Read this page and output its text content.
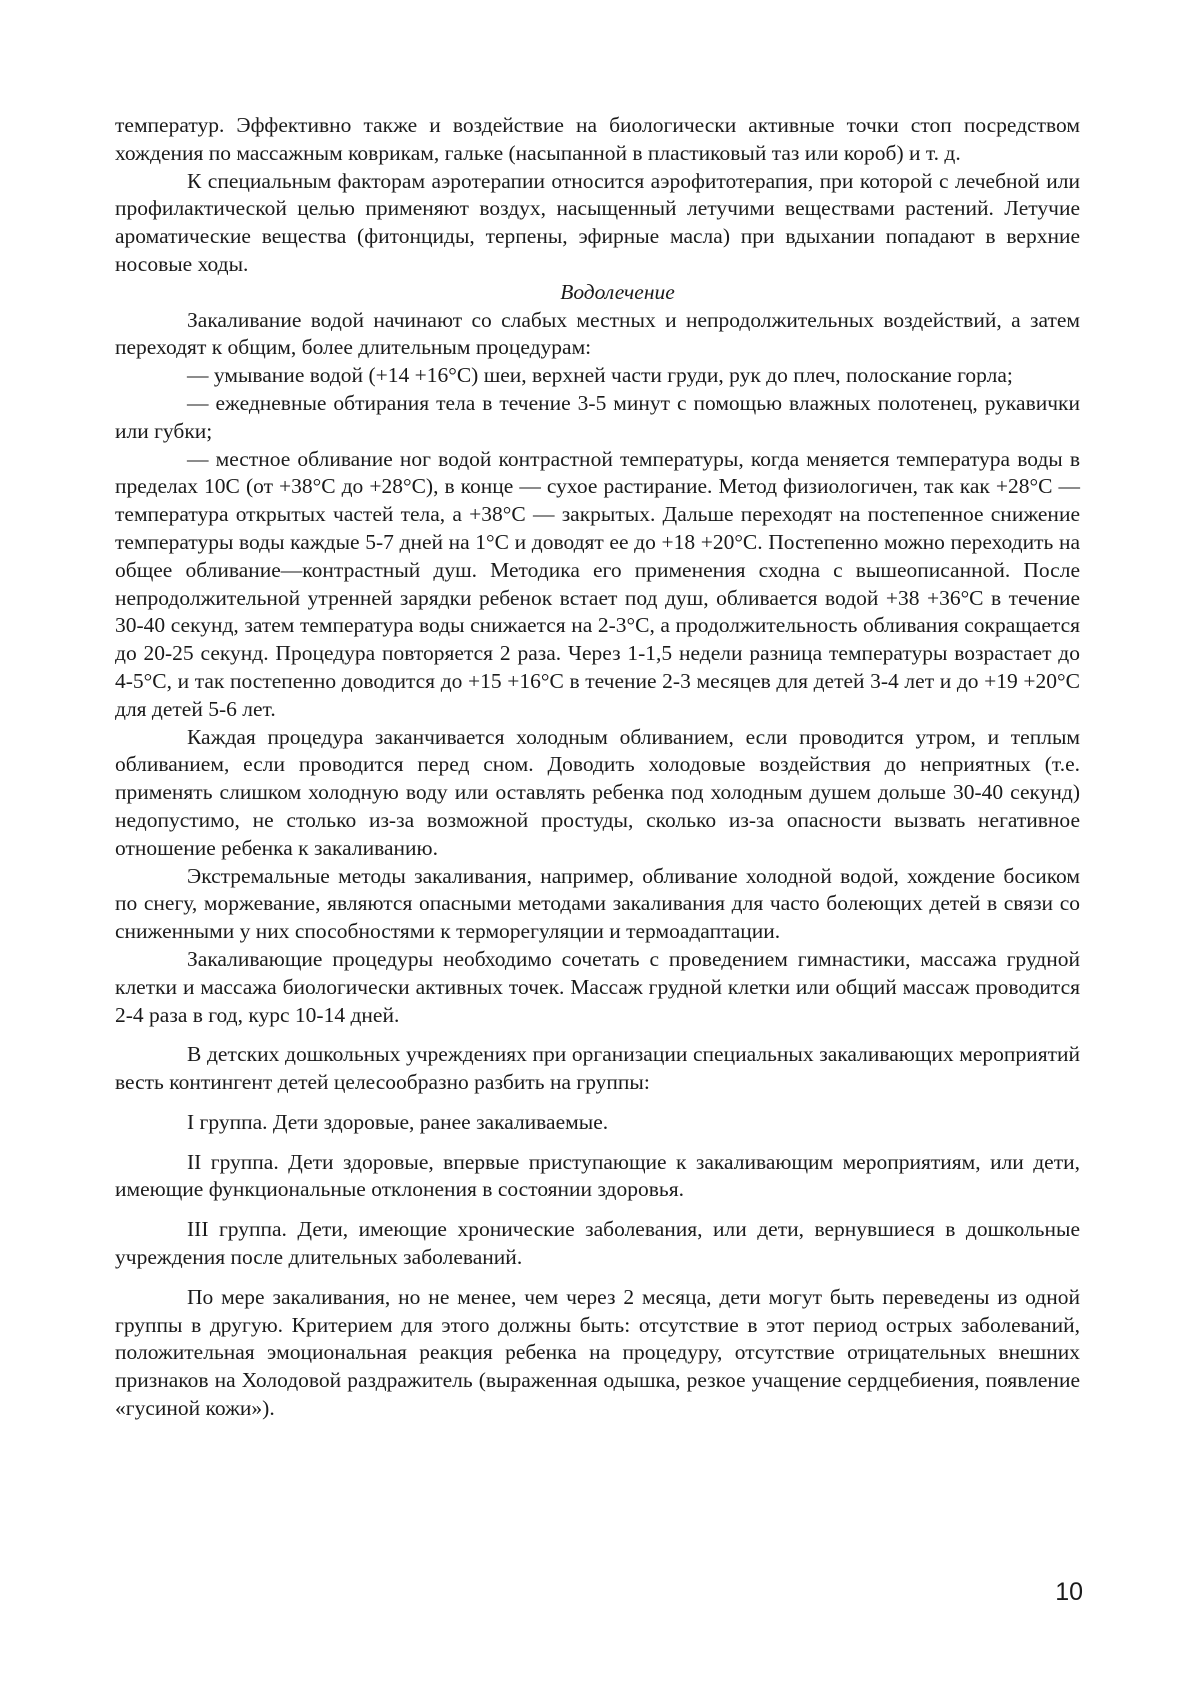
температур. Эффективно также и воздействие на биологически активные точки стоп посредством хождения по массажным коврикам, гальке (насыпанной в пластиковый таз или короб) и т. д.

К специальным факторам аэротерапии относится аэрофитотерапия, при которой с лечебной или профилактической целью применяют воздух, насыщенный летучими веществами растений. Летучие ароматические вещества (фитонциды, терпены, эфирные масла) при вдыхании попадают в верхние носовые ходы.

Водолечение

Закаливание водой начинают со слабых местных и непродолжительных воздействий, а затем переходят к общим, более длительным процедурам:

— умывание водой (+14 +16°С) шеи, верхней части груди, рук до плеч, полоскание горла;

— ежедневные обтирания тела в течение 3-5 минут с помощью влажных полотенец, рукавички или губки;

— местное обливание ног водой контрастной температуры, когда меняется температура воды в пределах 10С (от +38°С до +28°С), в конце — сухое растирание. Метод физиологичен, так как +28°С — температура открытых частей тела, а +38°С — закрытых. Дальше переходят на постепенное снижение температуры воды каждые 5-7 дней на 1°С и доводят ее до +18 +20°С. Постепенно можно переходить на общее обливание—контрастный душ. Методика его применения сходна с вышеописанной. После непродолжительной утренней зарядки ребенок встает под душ, обливается водой +38 +36°С в течение 30-40 секунд, затем температура воды снижается на 2-3°С, а продолжительность обливания сокращается до 20-25 секунд. Процедура повторяется 2 раза. Через 1-1,5 недели разница температуры возрастает до 4-5°С, и так постепенно доводится до +15 +16°С в течение 2-3 месяцев для детей 3-4 лет и до +19 +20°С для детей 5-6 лет.

Каждая процедура заканчивается холодным обливанием, если проводится утром, и теплым обливанием, если проводится перед сном. Доводить холодовые воздействия до неприятных (т.е. применять слишком холодную воду или оставлять ребенка под холодным душем дольше 30-40 секунд) недопустимо, не столько из-за возможной простуды, сколько из-за опасности вызвать негативное отношение ребенка к закаливанию.

Экстремальные методы закаливания, например, обливание холодной водой, хождение босиком по снегу, моржевание, являются опасными методами закаливания для часто болеющих детей в связи со сниженными у них способностями к терморегуляции и термоадаптации.

Закаливающие процедуры необходимо сочетать с проведением гимнастики, массажа грудной клетки и массажа биологически активных точек. Массаж грудной клетки или общий массаж проводится 2-4 раза в год, курс 10-14 дней.

В детских дошкольных учреждениях при организации специальных закаливающих мероприятий весть контингент детей целесообразно разбить на группы:

I группа. Дети здоровые, ранее закаливаемые.

II группа. Дети здоровые, впервые приступающие к закаливающим мероприятиям, или дети, имеющие функциональные отклонения в состоянии здоровья.

III группа. Дети, имеющие хронические заболевания, или дети, вернувшиеся в дошкольные учреждения после длительных заболеваний.

По мере закаливания, но не менее, чем через 2 месяца, дети могут быть переведены из одной группы в другую. Критерием для этого должны быть: отсутствие в этот период острых заболеваний, положительная эмоциональная реакция ребенка на процедуру, отсутствие отрицательных внешних признаков на Холодовой раздражитель (выраженная одышка, резкое учащение сердцебиения, появление «гусиной кожи»).

10
